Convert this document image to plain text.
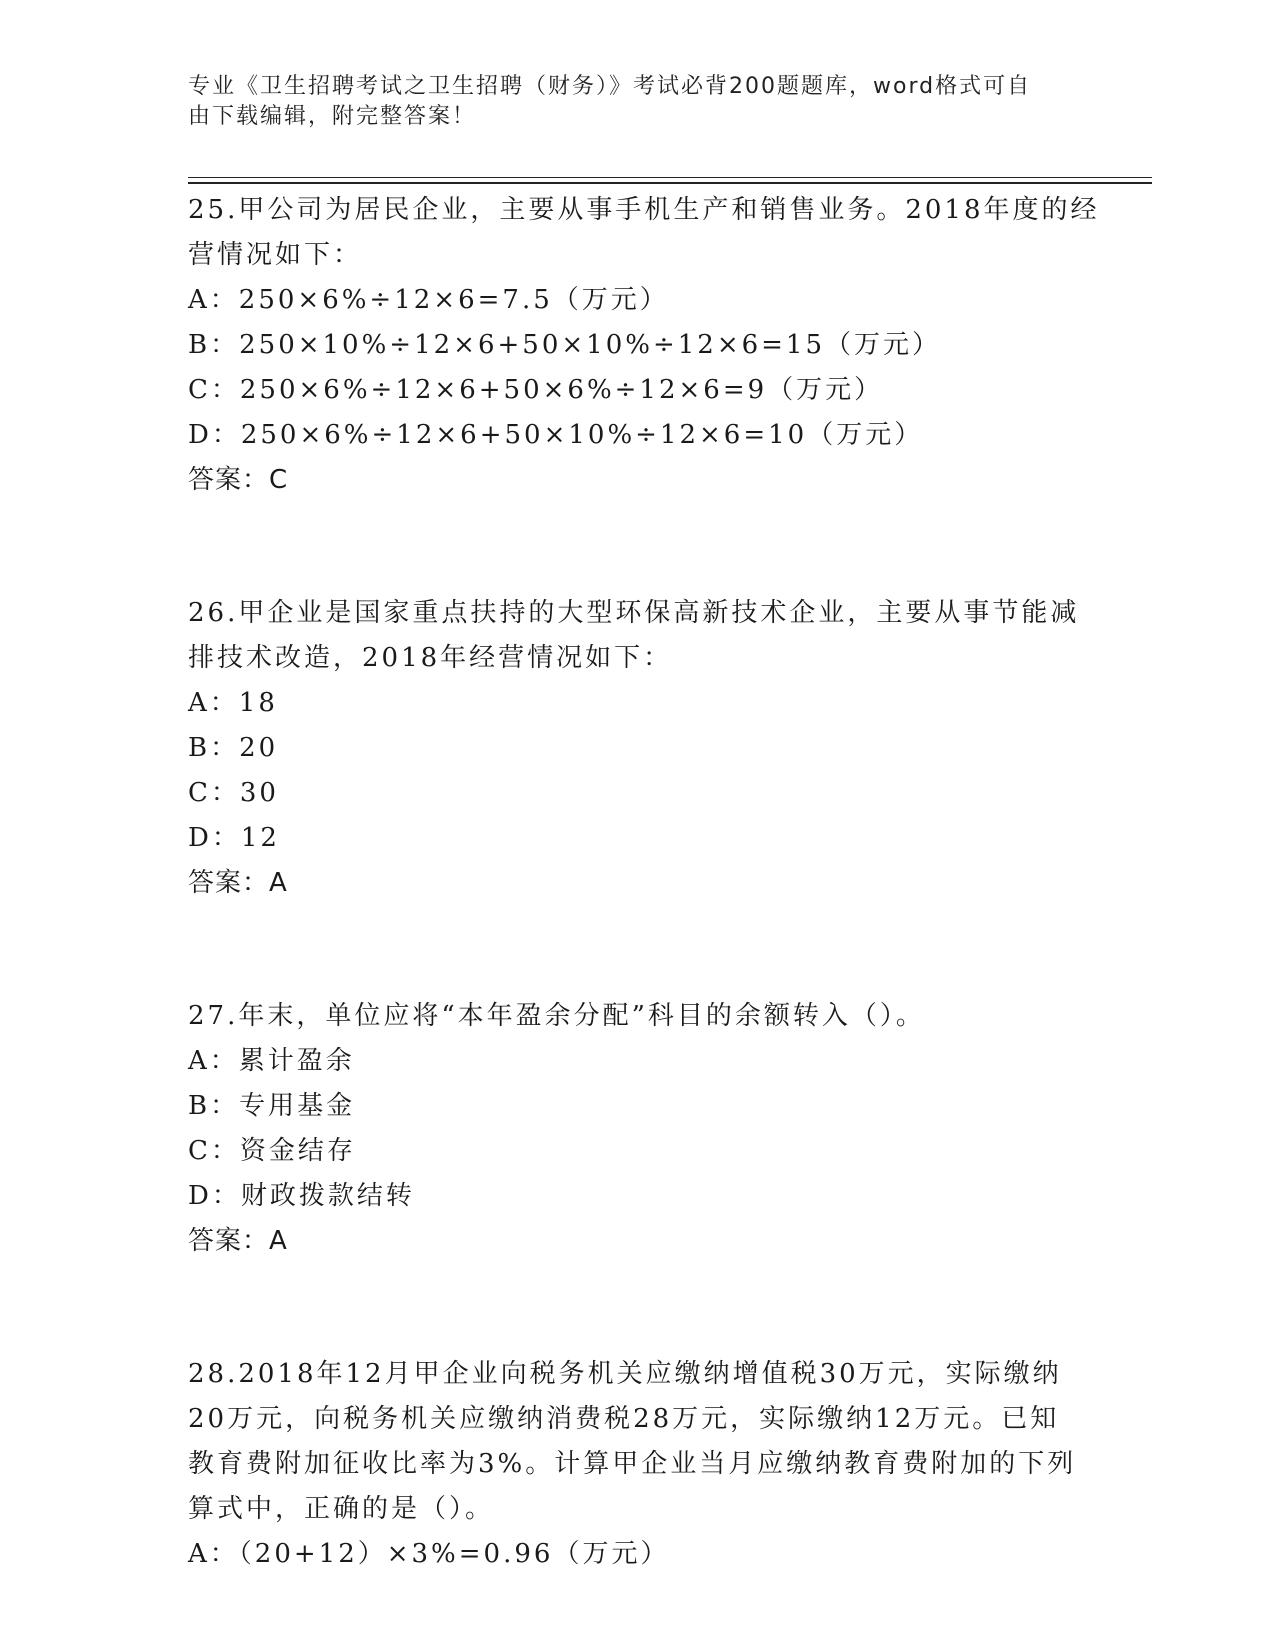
专业《卫生招聘考试之卫生招聘（财务）》考试必背200题题库，word格式可自
由下载编辑，附完整答案！
25.甲公司为居民企业，主要从事手机生产和销售业务。2018年度的经
营情况如下：
A：250×6%÷12×6=7.5（万元）
B：250×10%÷12×6+50×10%÷12×6=15（万元）
C：250×6%÷12×6+50×6%÷12×6=9（万元）
D：250×6%÷12×6+50×10%÷12×6=10（万元）
答案：C
26.甲企业是国家重点扶持的大型环保高新技术企业，主要从事节能减
排技术改造，2018年经营情况如下：
A：18
B：20
C：30
D：12
答案：A
27.年末，单位应将“本年盈余分配”科目的余额转入（）。
A：累计盈余
B：专用基金
C：资金结存
D：财政拨款结转
答案：A
28.2018年12月甲企业向税务机关应缴纳增值税30万元，实际缴纳
20万元，向税务机关应缴纳消费税28万元，实际缴纳12万元。已知
教育费附加征收比率为3%。计算甲企业当月应缴纳教育费附加的下列
算式中，正确的是（）。
A：（20+12）×3%=0.96（万元）
